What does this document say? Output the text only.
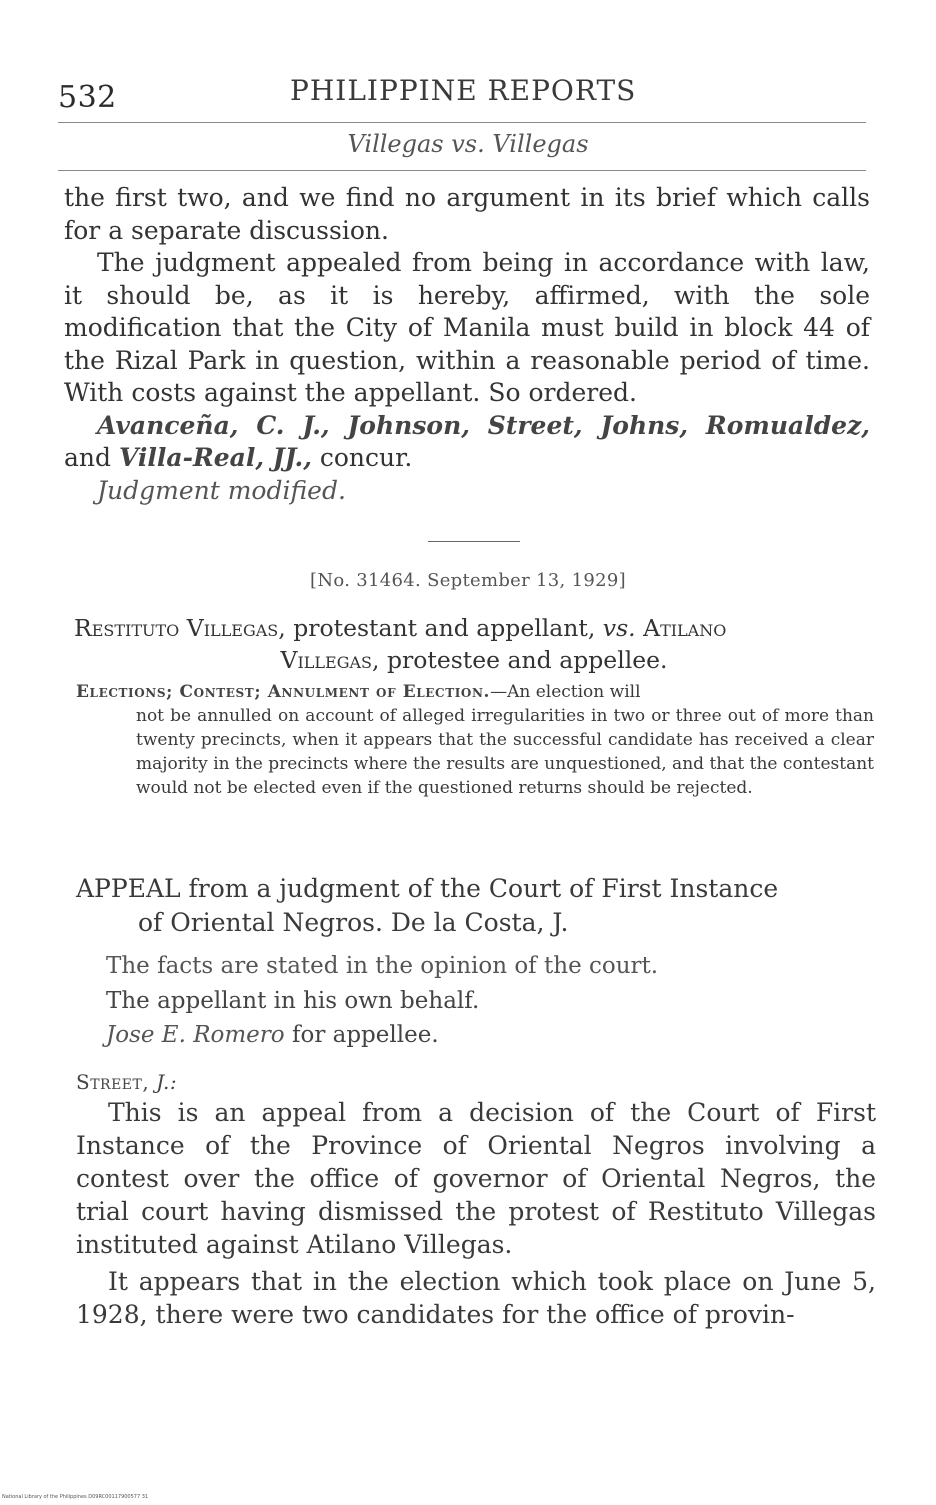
532	PHILIPPINE REPORTS
Villegas vs. Villegas

the first two, and we find no argument in its brief which calls for a separate discussion.

The judgment appealed from being in accordance with law, it should be, as it is hereby, affirmed, with the sole modification that the City of Manila must build in block 44 of the Rizal Park in question, within a reasonable period of time. With costs against the appellant. So ordered.

Avanceña, C. J., Johnson, Street, Johns, Romualdez, and Villa-Real, JJ., concur.

Judgment modified.

[No. 31464. September 13, 1929]
Restituto Villegas, protestant and appellant, vs. Atilano
Villegas, protestee and appellee.

Elections; Contest; Annulment of Election.—An election will

not be annulled on account of alleged irregularities in two or three out of more than twenty precincts, when it appears that the successful candidate has received a clear majority in the precincts where the results are unquestioned, and that the contestant would not be elected even if the questioned returns should be rejected.

APPEAL from a judgment of the Court of First Instance
of Oriental Negros. De la Costa, J.
The facts are stated in the opinion of the court.
The appellant in his own behalf.
Jose E. Romero for appellee.
Street, J.:

This is an appeal from a decision of the Court of First Instance of the Province of Oriental Negros involving a contest over the office of governor of Oriental Negros, the trial court having dismissed the protest of Restituto Villegas instituted against Atilano Villegas.

It appears that in the election which took place on June 5, 1928, there were two candidates for the office of provin-

National Library of the Philippines D09RC00117900577 31
